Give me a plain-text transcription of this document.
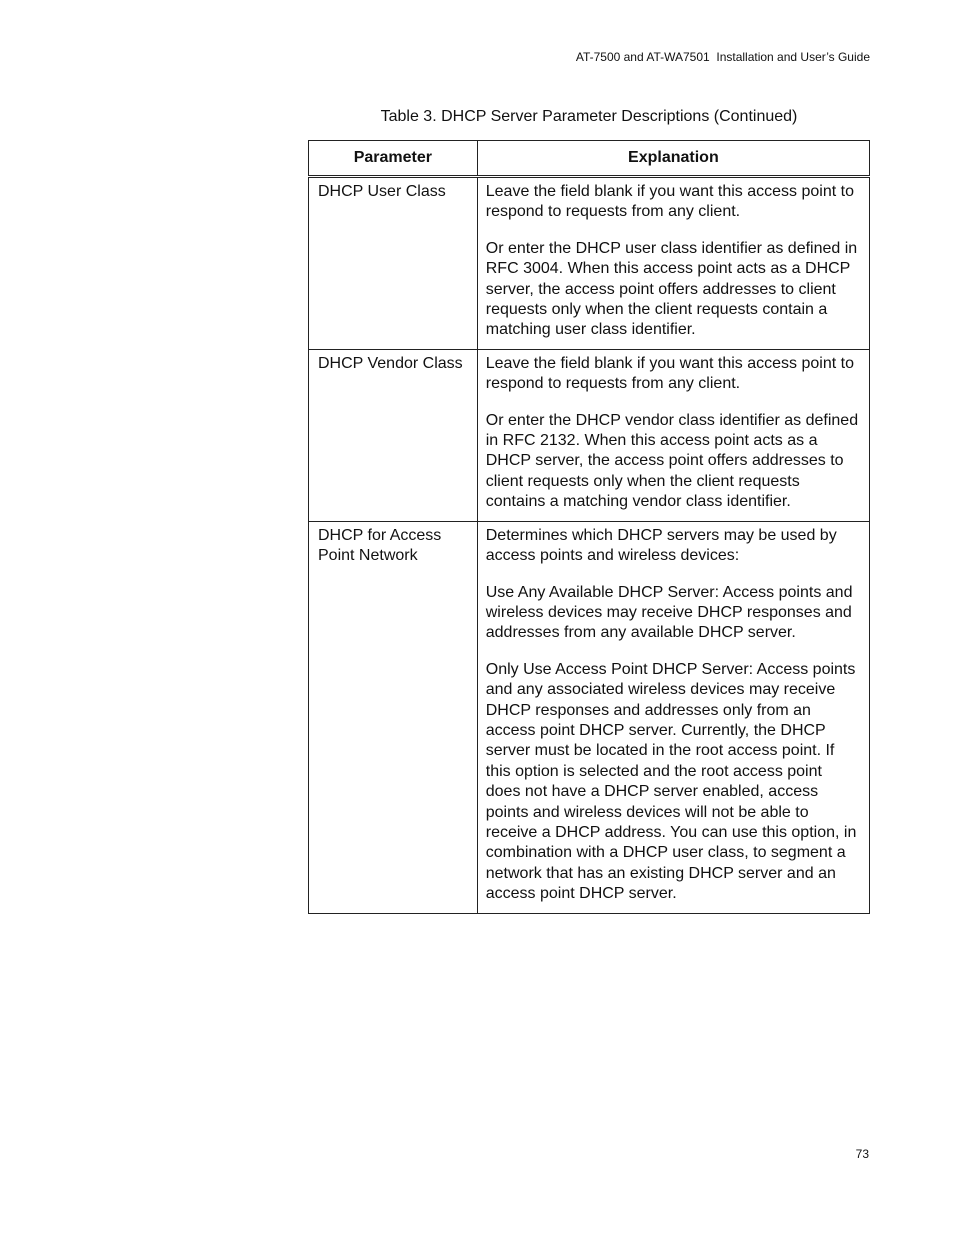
AT-7500 and AT-WA7501  Installation and User’s Guide
Table 3. DHCP Server Parameter Descriptions (Continued)
Parameter	Explanation
DHCP User Class	Leave the field blank if you want this access point to respond to requests from any client.

Or enter the DHCP user class identifier as defined in RFC 3004. When this access point acts as a DHCP server, the access point offers addresses to client requests only when the client requests contain a matching user class identifier.

DHCP Vendor Class	Leave the field blank if you want this access point to respond to requests from any client.

Or enter the DHCP vendor class identifier as defined in RFC 2132. When this access point acts as a DHCP server, the access point offers addresses to client requests only when the client requests contains a matching vendor class identifier.

DHCP for Access Point Network	Determines which DHCP servers may be used by access points and wireless devices:

Use Any Available DHCP Server: Access points and wireless devices may receive DHCP responses and addresses from any available DHCP server.

Only Use Access Point DHCP Server: Access points and any associated wireless devices may receive DHCP responses and addresses only from an access point DHCP server. Currently, the DHCP server must be located in the root access point. If this option is selected and the root access point does not have a DHCP server enabled, access points and wireless devices will not be able to receive a DHCP address. You can use this option, in combination with a DHCP user class, to segment a network that has an existing DHCP server and an access point DHCP server.

73
